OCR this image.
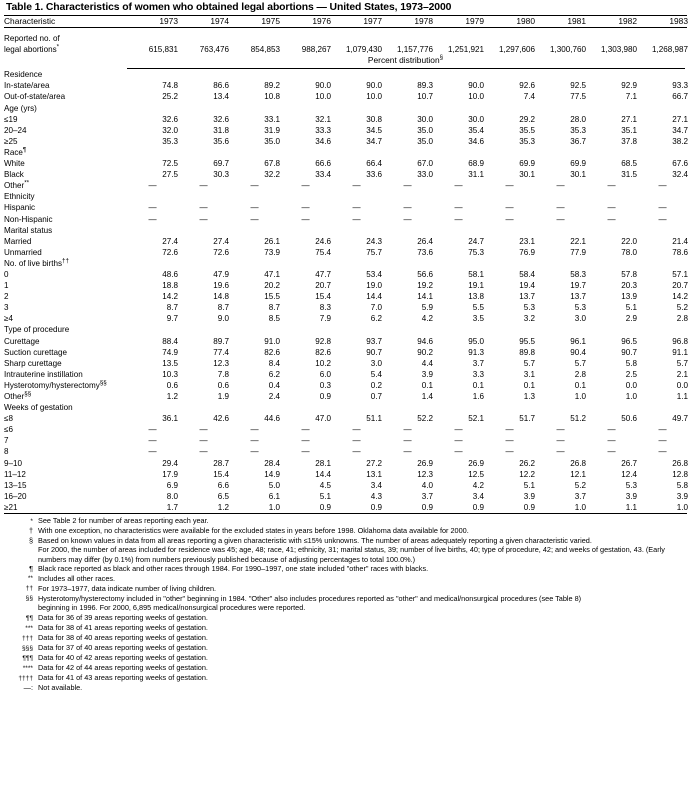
Table 1. Characteristics of women who obtained legal abortions — United States, 1973–2000
Characteristic	1973	1974	1975	1976	1977	1978	1979	1980	1981	1982	1983

Reported no. of											
legal abortions*	615,831	763,476	854,853	988,267	1,079,430	1,157,776	1,251,921	1,297,606	1,300,760	1,303,980	1,268,987
Percent distribution§
Residence											
In-state/area	74.8	86.6	89.2	90.0	90.0	89.3	90.0	92.6	92.5	92.9	93.3
Out-of-state/area	25.2	13.4	10.8	10.0	10.0	10.7	10.0	7.4	77.5	7.1	66.7
Age (yrs)											
≤19	32.6	32.6	33.1	32.1	30.8	30.0	30.0	29.2	28.0	27.1	27.1
20–24	32.0	31.8	31.9	33.3	34.5	35.0	35.4	35.5	35.3	35.1	34.7
≥25	35.3	35.6	35.0	34.6	34.7	35.0	34.6	35.3	36.7	37.8	38.2
Race¶	
White	72.5	69.7	67.8	66.6	66.4	67.0	68.9	69.9	69.9	68.5	67.6
Black	27.5	30.3	32.2	33.4	33.6	33.0	31.1	30.1	30.1	31.5	32.4
Other**	—	—	—	—	—	—	—	—	—	—	—
Ethnicity											
Hispanic	—	—	—	—	—	—	—	—	—	—	—
Non-Hispanic	—	—	—	—	—	—	—	—	—	—	—
Marital status											
Married	27.4	27.4	26.1	24.6	24.3	26.4	24.7	23.1	22.1	22.0	21.4
Unmarried	72.6	72.6	73.9	75.4	75.7	73.6	75.3	76.9	77.9	78.0	78.6
No. of live births††	
0	48.6	47.9	47.1	47.7	53.4	56.6	58.1	58.4	58.3	57.8	57.1
1	18.8	19.6	20.2	20.7	19.0	19.2	19.1	19.4	19.7	20.3	20.7
2	14.2	14.8	15.5	15.4	14.4	14.1	13.8	13.7	13.7	13.9	14.2
3	8.7	8.7	8.7	8.3	7.0	5.9	5.5	5.3	5.3	5.1	5.2
≥4	9.7	9.0	8.5	7.9	6.2	4.2	3.5	3.2	3.0	2.9	2.8
Type of procedure											
Curettage	88.4	89.7	91.0	92.8	93.7	94.6	95.0	95.5	96.1	96.5	96.8
Suction curettage	74.9	77.4	82.6	82.6	90.7	90.2	91.3	89.8	90.4	90.7	91.1
Sharp curettage	13.5	12.3	8.4	10.2	3.0	4.4	3.7	5.7	5.7	5.8	5.7
Intrauterine instillation	10.3	7.8	6.2	6.0	5.4	3.9	3.3	3.1	2.8	2.5	2.1
Hysterotomy/hysterectomy§§	0.6	0.6	0.4	0.3	0.2	0.1	0.1	0.1	0.1	0.0	0.0
Other§§	1.2	1.9	2.4	0.9	0.7	1.4	1.6	1.3	1.0	1.0	1.1
Weeks of gestation											
≤8	36.1	42.6	44.6	47.0	51.1	52.2	52.1	51.7	51.2	50.6	49.7
≤6	—	—	—	—	—	—	—	—	—	—	—
7	—	—	—	—	—	—	—	—	—	—	—
8	—	—	—	—	—	—	—	—	—	—	—
9–10	29.4	28.7	28.4	28.1	27.2	26.9	26.9	26.2	26.8	26.7	26.8
11–12	17.9	15.4	14.9	14.4	13.1	12.3	12.5	12.2	12.1	12.4	12.8
13–15	6.9	6.6	5.0	4.5	3.4	4.0	4.2	5.1	5.2	5.3	5.8
16–20	8.0	6.5	6.1	5.1	4.3	3.7	3.4	3.9	3.7	3.9	3.9
≥21	1.7	1.2	1.0	0.9	0.9	0.9	0.9	0.9	1.0	1.1	1.0
* See Table 2 for number of areas reporting each year.
† With one exception, no characteristics were available for the excluded states in years before 1998. Oklahoma data available for 2000.
§ Based on known values in data from all areas reporting a given characteristic with ≤15% unknowns. The number of areas adequately reporting a given characteristic varied.
For 2000, the number of areas included for residence was 45; age, 48; race, 41; ethnicity, 31; marital status, 39; number of live births, 40; type of procedure, 42; and weeks of gestation, 43. (Early numbers may differ (by 0.1%) from numbers previously published because of adjusting percentages to total 100.0%.)
¶ Black race reported as black and other races through 1984. For 1990–1997, one state included "other" races with blacks.
** Includes all other races.
†† For 1973–1977, data indicate number of living children.
§§ Hysterotomy/hysterectomy included in "other" beginning in 1984. "Other" also includes procedures reported as "other" and medical/nonsurgical procedures (see Table 8)
beginning in 1996. For 2000, 6,895 medical/nonsurgical procedures were reported.
¶¶ Data for 36 of 39 areas reporting weeks of gestation.
*** Data for 38 of 41 areas reporting weeks of gestation.
††† Data for 38 of 40 areas reporting weeks of gestation.
§§§ Data for 37 of 40 areas reporting weeks of gestation.
¶¶¶ Data for 40 of 42 areas reporting weeks of gestation.
**** Data for 42 of 44 areas reporting weeks of gestation.
†††† Data for 41 of 43 areas reporting weeks of gestation.
—: Not available.
